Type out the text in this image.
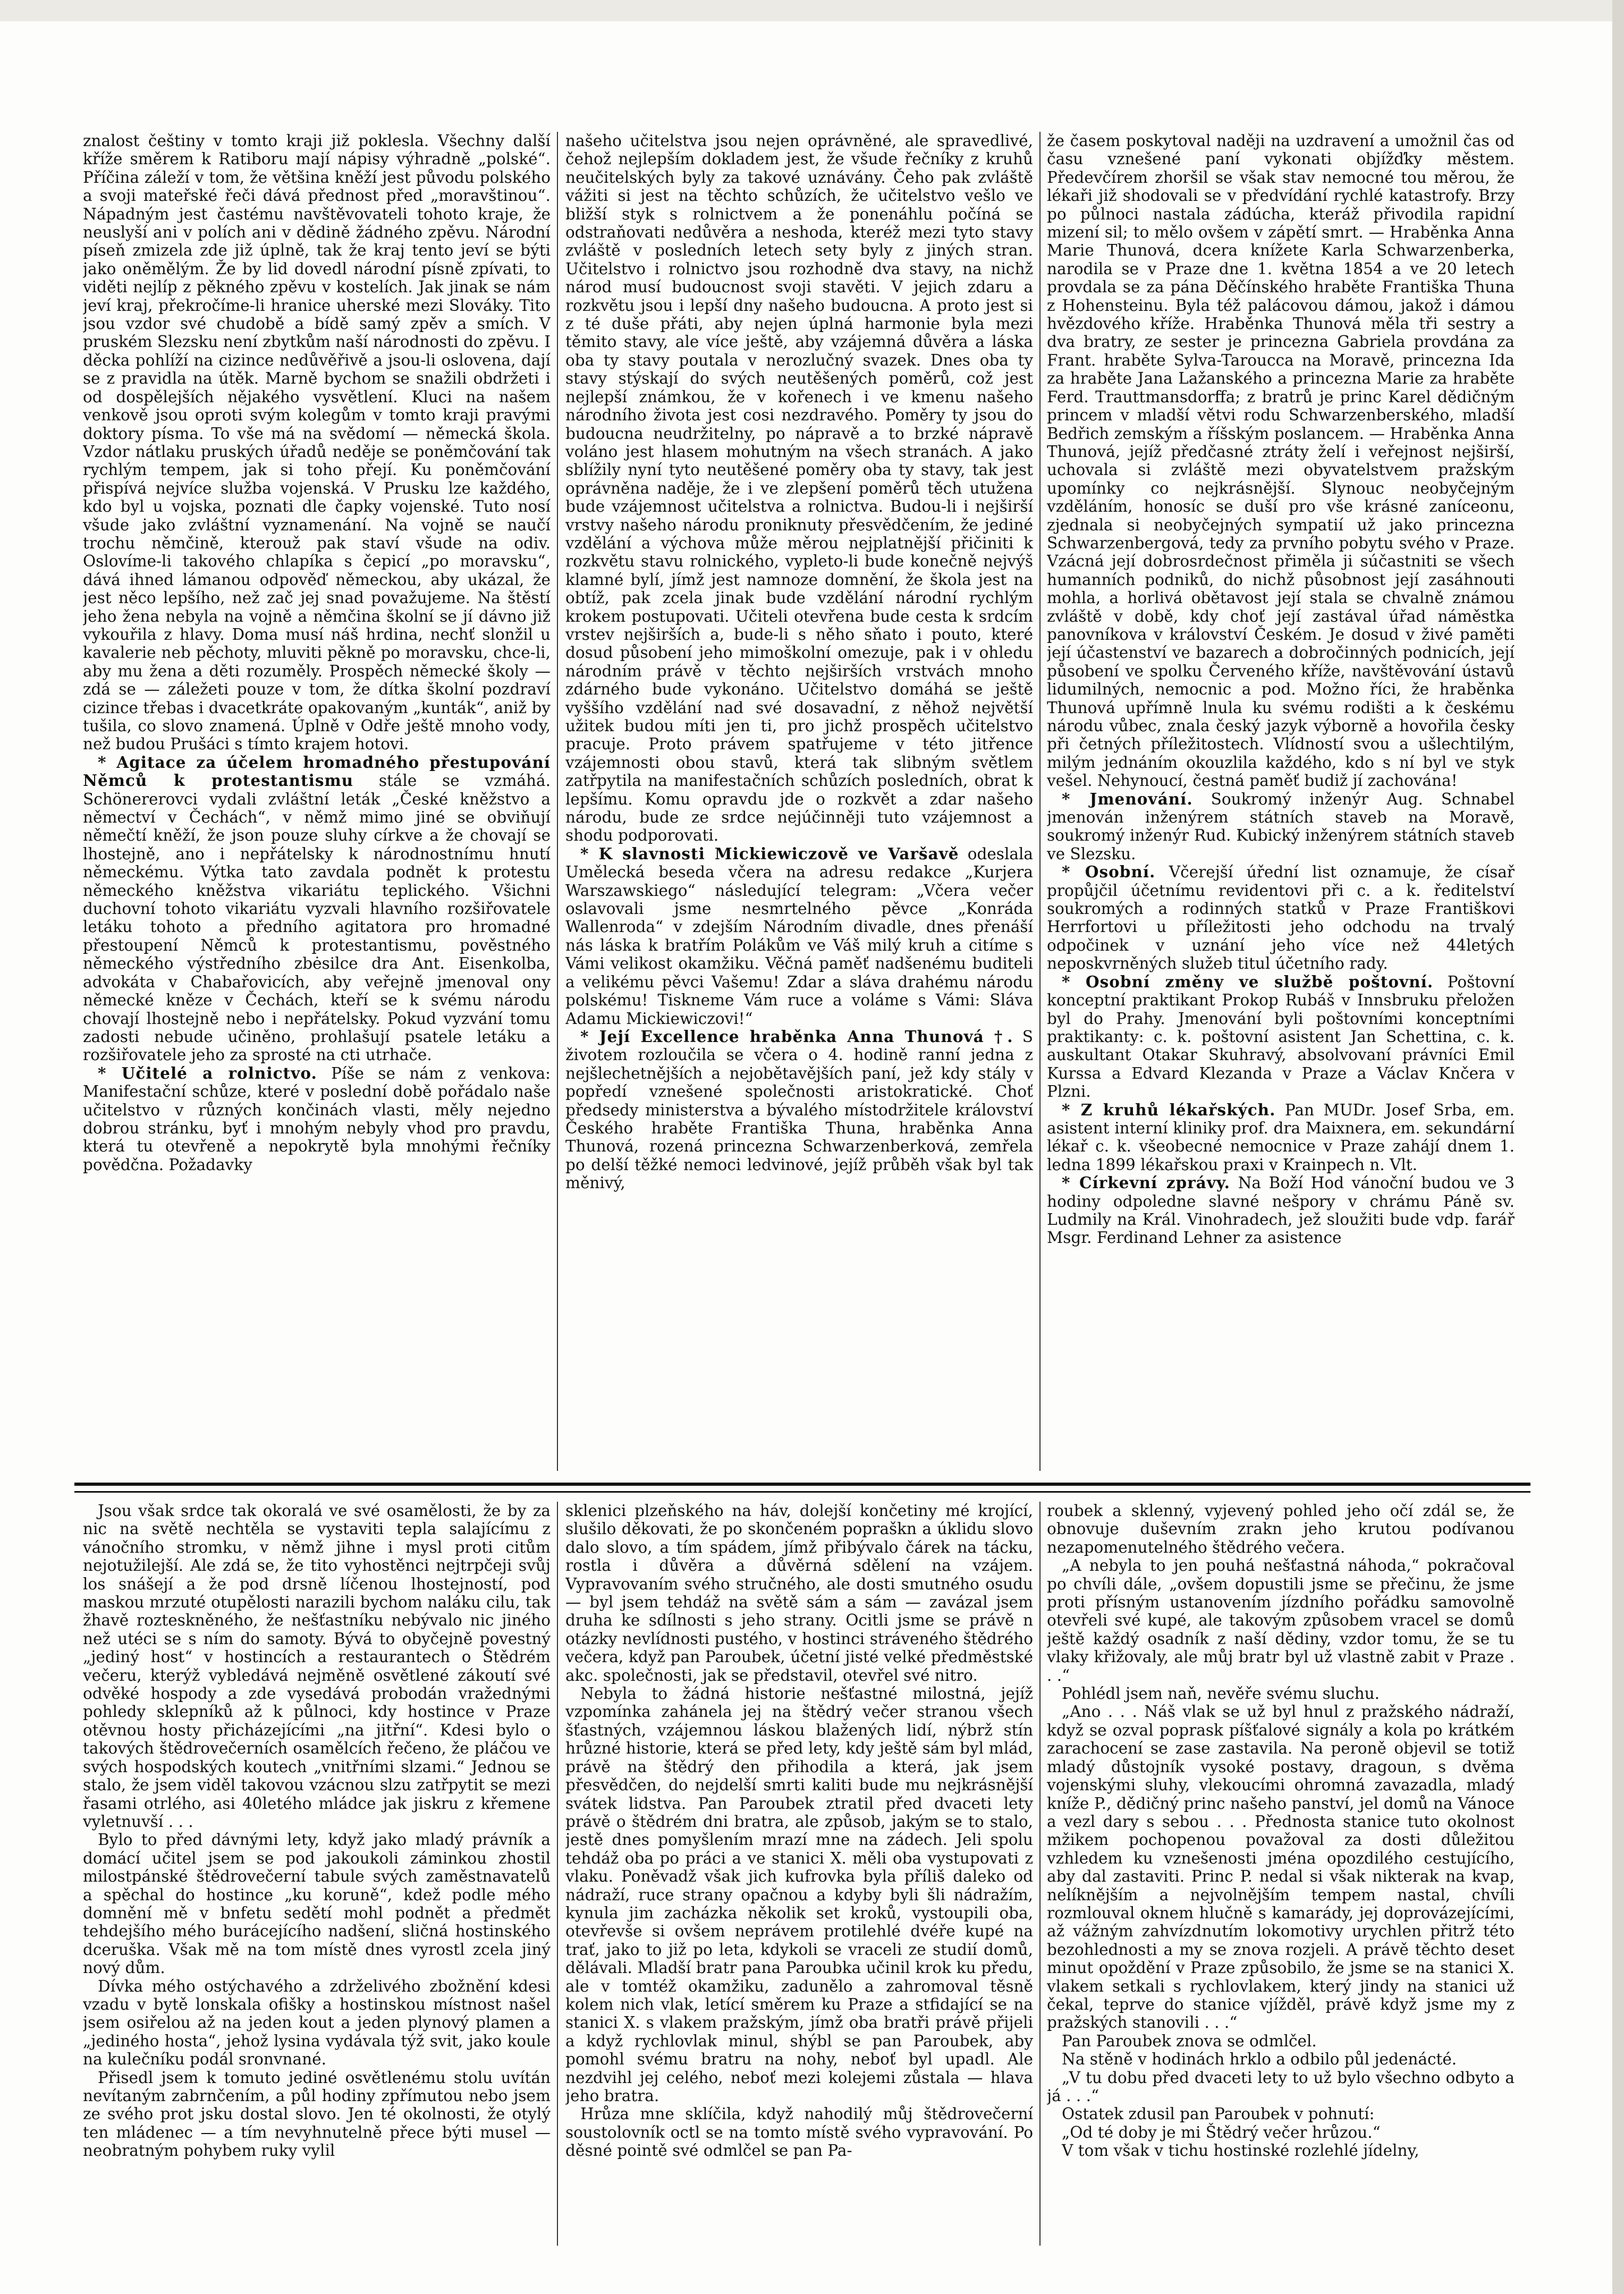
znalost češtiny v tomto kraji již poklesla. Všechny další kříže směrem k Ratiboru mají nápisy výhradně „polské“. Příčina záleží v tom, že většina kněží jest původu polského a svoji mateřské řeči dává přednost před „moravštinou“. Nápadným jest častému navštěvovateli tohoto kraje, že neuslyší ani v polích ani v dědině žádného zpěvu. Národní píseň zmizela zde již úplně, tak že kraj tento jeví se býti jako oněmělým. Že by lid dovedl národní písně zpívati, to viděti nejlíp z pěkného zpěvu v kostelích. Jak jinak se nám jeví kraj, překročíme-li hranice uherské mezi Slováky. Tito jsou vzdor své chudobě a bídě samý zpěv a smích. V pruském Slezsku není zbytkům naší národnosti do zpěvu. I děcka pohlíží na cizince nedůvěřivě a jsou-li oslovena, dají se z pravidla na útěk. Marně bychom se snažili obdržeti i od dospělejších nějakého vysvětlení. Kluci na našem venkově jsou oproti svým kolegům v tomto kraji pravými doktory písma. To vše má na svědomí — německá škola. Vzdor nátlaku pruských úřadů nedějе se poněmčování tak rychlým tempem, jak si toho přejí. Ku poněmčování přispívá nejvíce služba vojenská. V Prusku lze každého, kdo byl u vojska, poznati dle čapky vojenské. Tuto nosí všude jako zvláštní vyznamenání. Na vojně se naučí trochu němčině, kterouž pak staví všude na odiv. Oslovíme-li takového chlapíka s čepicí „po moravsku“, dává ihned lámanou odpověď německou, aby ukázal, že jest něco lepšího, než zač jej snad považujeme. Na štěstí jeho žena nebyla na vojně a němčina školní se jí dávno již vykouřila z hlavy. Doma musí náš hrdina, nechť slonžil u kavalerie neb pěchoty, mluviti pěkně po moravsku, chce-li, aby mu žena a děti rozuměly. Prospěch německé školy — zdá se — záležeti pouze v tom, že dítka školní pozdraví cizince třebas i dvacetkráte opakovaným „kunták“, aniž by tušila, co slovo znamená. Úplně v Odře ještě mnoho vody, než budou Prušáci s tímto krajem hotovi.

* Agitace za účelem hromadného přestupování Němců k protestantismu stále se vzmáhá. Schönererovci vydali zvláštní leták „České kněžstvo a němectví v Čechách“, v němž mimo jiné se obviňují němečtí kněží, že json pouze sluhy církve a že chovají se lhostejně, ano i nepřátelsky k národnostnímu hnutí německému. Výtka tato zavdala podnět k protestu německého kněžstva vikariátu teplického. Všichni duchovní tohoto vikariátu vyzvali hlavního rozšiřovatele letáku tohoto a předního agitatora pro hromadné přestoupení Němců k protestantismu, pověstného německého výstředního zbėsilce dra Ant. Eisenkolba, advokáta v Chabařovicích, aby veřejně jmenoval ony německé kněze v Čechách, kteří se k svému národu chovají lhostejně nebo i nepřátelsky. Pokud vyzvání tomu zadosti nebude učiněno, prohlašují psatele letáku a rozšiřovatele jeho za sprosté na cti utrhače.

* Učitelé a rolnictvo. Píše se nám z venkova: Manifestační schůze, které v poslední době pořádalo naše učitelstvo v různých končinách vlasti, měly nejedno dobrou stránku, byť i mnohým nebyly vhod pro pravdu, která tu otevřeně a nepokrytě byla mnohými řečníky povědčna. Požadavky

našeho učitelstva jsou nejen oprávněné, ale spravedlivé, čehož nejlepším dokladem jest, že všude řečníky z kruhů neučitelských byly za takové uznávány. Čeho pak zvláště vážiti si jest na těchto schůzích, že učitelstvo vešlo ve bližší styk s rolnictvem a že ponenáhlu počíná se odstraňovati nedůvěra a neshoda, kteréž mezi tyto stavy zvláště v posledních letech sety byly z jiných stran. Učitelstvo i rolnictvo jsou rozhodně dva stavy, na nichž národ musí budoucnost svoji stavěti. V jejich zdaru a rozkvětu jsou i lepší dny našeho budoucna. A proto jest si z té duše přáti, aby nejen úplná harmonie byla mezi těmito stavy, ale více ještě, aby vzájemná důvěra a láska oba ty stavy poutala v nerozlučný svazek. Dnes oba ty stavy stýskají do svých neutěšených poměrů, což jest nejlepší známkou, že v kořenech i ve kmenu našeho národního života jest cosi nezdravého. Poměry ty jsou do budoucna neudržitelny, po nápravě a to brzké nápravě voláno jest hlasem mohutným na všech stranách. A jako sblížily nyní tyto neutěšené poměry oba ty stavy, tak jest oprávněna naděje, že i ve zlepšení poměrů těch utužena bude vzájemnost učitelstva a rolnictva. Budou-li i nejširší vrstvy našeho národu proniknuty přesvědčením, že jediné vzdělání a výchova může měrou nejplatnější přičiniti k rozkvětu stavu rolnického, vypleto-li bude konečně nejvýš klamné bylí, jímž jest namnoze domnění, že škola jest na obtíž, pak zcela jinak bude vzdělání národní rychlým krokem postupovati. Učiteli otevřena bude cesta k srdcím vrstev nejširších a, bude-li s něho sňato i pouto, které dosud působení jeho mimoškolní omezuje, pak i v ohledu národním právě v těchto nejširších vrstvách mnoho zdárného bude vykonáno. Učitelstvo domáhá se ještě vyššího vzdělání nad své dosavadní, z něhož největší užitek budou míti jen ti, pro jichž prospěch učitelstvo pracuje. Proto právem spatřujeme v této jitřence vzájemnosti obou stavů, která tak slibným světlem zatřpytila na manifestačních schůzích posledních, obrat k lepšímu. Komu opravdu jde o rozkvět a zdar našeho národu, bude ze srdce nejúčinněji tuto vzájemnost a shodu podporovati.

* K slavnosti Mickiewiczově ve Varšavě odeslala Umělecká beseda včera na adresu redakce „Kurjera Warszawskiego“ následující telegram: „Včera večer oslavovali jsme nesmrtelného pěvce „Konráda Wallenroda“ v zdejším Národním divadle, dnes přenáší nás láska k bratřím Polákům ve Váš milý kruh a citíme s Vámi velikost okamžiku. Věčná paměť nadšenému buditeli a velikému pěvci Vašemu! Zdar a sláva drahému národu polskému! Tiskneme Vám ruce a voláme s Vámi: Sláva Adamu Mickiewiczovi!“

* Její Excellence hraběnka Anna Thunová †. S životem rozloučila se včera o 4. hodině ranní jedna z nejšlechetnějších a nejobětavějších paní, jež kdy stály v popředí vznešené společnosti aristokratické. Choť předsedy ministerstva a bývalého místodržitele království Českého hraběte Františka Thuna, hraběnka Anna Thunová, rozená princezna Schwarzenberková, zemřela po delší těžké nemoci ledvinové, jejíž průběh však byl tak měnivý,

že časem poskytoval naději na uzdravení a umožnil čas od času vznešené paní vykonati objížďky městem. Předevčírem zhoršil se však stav nemocné tou měrou, že lékaři již shodovali se v předvídání rychlé katastrofy. Brzy po půlnoci nastala zádúcha, kteráž přivodila rapidní mizení sil; to mělo ovšem v zápětí smrt. — Hraběnka Anna Marie Thunová, dcera knížete Karla Schwarzenberka, narodila se v Praze dne 1. května 1854 a ve 20 letech provdala se za pána Děčínského hraběte Františka Thuna z Hohensteinu. Byla též palácovou dámou, jakož i dámou hvězdového kříže. Hraběnka Thunová měla tři sestry a dva bratry, ze sester je princezna Gabriela provdána za Frant. hraběte Sylva-Taroucca na Moravě, princezna Ida za hraběte Jana Lažanského a princezna Marie za hraběte Ferd. Trauttmansdorffa; z bratrů je princ Karel dědičným princem v mladší větvi rodu Schwarzenberského, mladší Bedřich zemským a říšským poslancem. — Hraběnka Anna Thunová, jejíž předčasné ztráty želí i veřejnost nejširší, uchovala si zvláště mezi obyvatelstvem pražským upomínky co nejkrásnější. Slynouc neobyčejným vzděláním, honosíc se duší pro vše krásné zaníceonu, zjednala si neobyčejných sympatií už jako princezna Schwarzenbergová, tedy za prvního pobytu svého v Praze. Vzácná její dobrosrdečnost přiměla ji súčastniti se všech humanních podniků, do nichž působnost její zasáhnouti mohla, a horlivá obětavost její stala se chvalně známou zvláště v době, kdy choť její zastával úřad náměstka panovníkova v království Českém. Je dosud v živé paměti její účastenství ve bazarech a dobročinných podnicích, její působení ve spolku Červeného kříže, navštěvování ústavů lidumilných, nemocnic a pod. Možno říci, že hraběnka Thunová upřímně lnula ku svému rodišti a k českému národu vůbec, znala český jazyk výborně a hovořila česky při četných příležitostech. Vlídností svou a ušlechtilým, milým jednáním okouzlila každého, kdo s ní byl ve styk vešel. Nehynoucí, čestná paměť budiž jí zachována!

* Jmenování. Soukromý inženýr Aug. Schnabel jmenován inženýrem státních staveb na Moravě, soukromý inženýr Rud. Kubický inženýrem státních staveb ve Slezsku.

* Osobní. Včerejší úřední list oznamuje, že císař propůjčil účetnímu revidentovi při c. a k. ředitelství soukromých a rodinných statků v Praze Františkovi Herrfortovi u příležitosti jeho odchodu na trvalý odpočinek v uznání jeho více než 44letých neposkvrněných služeb titul účetního rady.

* Osobní změny ve službě poštovní. Poštovní konceptní praktikant Prokop Rubáš v Innsbruku přeložen byl do Prahy. Jmenování byli poštovními konceptními praktikanty: c. k. poštovní asistent Jan Schettina, c. k. auskultant Otakar Skuhravý, absolvovaní právníci Emil Kurssa a Edvard Klezanda v Praze a Václav Knčera v Plzni.

* Z kruhů lékařských. Pan MUDr. Josef Srba, em. asistent interní kliniky prof. dra Maixnera, em. sekundární lékař c. k. všeobecné nemocnice v Praze zahájí dnem 1. ledna 1899 lékařskou praxi v Krainpech n. Vlt.

* Církevní zprávy. Na Boží Hod vánoční budou ve 3 hodiny odpoledne slavné nešpory v chrámu Páně sv. Ludmily na Král. Vinohradech, jež sloužiti bude vdp. farář Msgr. Ferdinand Lehner za asistence

Jsou však srdce tak okoralá ve své osamělosti, že by za nic na světě nechtěla se vystaviti tepla salajícímu z vánočního stromku, v němž jihne i mysl proti citům nejotužilejší. Ale zdá se, že tito vyhostěnci nejtrpčeji svůj los snášejí a že pod drsně líčenou lhostejností, pod maskou mrzuté otupělosti narazili bychom naláku cilu, tak žhavě rozteskněného, že nešťastníku nebývalo nic jiného než utéci se s ním do samoty. Bývá to obyčejně povestný „jediný host“ v hostincích a restaurantech o Štědrém večeru, kterýž vybledává nejměně osvětlené zákoutí své odvěké hospody a zde vysedává probodán vražednými pohledy sklepníků až k půlnoci, kdy hostince v Praze otěvnou hosty přicházejícími „na jitřní“. Kdesi bylo o takových štědrovečerních osamělcích řečeno, že pláčou ve svých hospodských koutech „vnitřními slzami.“ Jednou se stalo, že jsem viděl takovou vzácnou slzu zatřpytit se mezi řasami otrlého, asi 40letého mládce jak jiskru z křemene vyletnuvší . . .

Bylo to před dávnými lety, když jako mladý právník a domácí učitel jsem se pod jakoukoli záminkou zhostil milostpánské štědrovečerní tabule svých zaměstnavatelů a spěchal do hostince „ku koruně“, kdež podle mého domnění mě v bnfetu sedětí mohl podnět a předmět tehdejšího mého burácejícího nadšení, sličná hostinského dceruška. Však mě na tom místě dnes vyrostl zcela jiný nový dům.

Dívka mého ostýchavého a zdrželivého zbožnění kdesi vzadu v bytě lonskala ofišky a hostinskou místnost našel jsem osiřelou až na jeden kout a jeden plynový plamen a „jediného hosta“, jehož lysina vydávala týž svit, jako koule na kulečníku podál sronvnané.

Přisedl jsem k tomuto jediné osvětlenému stolu uvítán nevítaným zabrnčením, a půl hodiny zpřímutou nebo jsem ze svého prot jsku dostal slovo. Jen té okolnosti, že otylý ten mládenec — a tím nevyhnutelně přece býti musel — neobratným pohybem ruky vylil

sklenici plzeňského na háv, dolejší končetiny mé krojící, slušilo děkovati, že po skončeném popraškn a úklidu slovo dalo slovo, a tím spádem, jímž přibývalo čárek na tácku, rostla i důvěra a důvěrná sdělení na vzájem. Vypravovaním svého stručného, ale dosti smutného osudu — byl jsem tehdáž na světě sám a sám — zavázal jsem druha ke sdílnosti s jeho strany. Ocitli jsme se právě n otázky nevlídnosti pustého, v hostinci stráveného štědrého večera, když pan Paroubek, účetní jisté velké předměstské akc. společnosti, jak se představil, otevřel své nitro.

Nebyla to žádná historie nešťastné milostná, jejíž vzpomínka zahánela jej na štědrý večer stranou všech šťastných, vzájemnou láskou blažených lidí, nýbrž stín hrůzné historie, která se před lety, kdy ještě sám byl mlád, právě na štědrý den přihodila a která, jak jsem přesvědčen, do nejdelší smrti kaliti bude mu nejkrásnější svátek lidstva. Pan Paroubek ztratil před dvaceti lety právě o štědrém dni bratra, ale způsob, jakým se to stalo, jestě dnes pomyšlením mrazí mne na zádech. Jeli spolu tehdáž oba po práci a ve stanici X. měli oba vystupovati z vlaku. Poněvadž však jich kufrovka byla příliš daleko od nádraží, ruce strany opačnou a kdyby byli šli nádražím, kynula jim zacházka několik set kroků, vystoupili oba, otevřevše si ovšem neprávem protilehlé dvéře kupé na trať, jako to již po leta, kdykoli se vraceli ze studií domů, dělávali. Mladší bratr pana Paroubka učinil krok ku předu, ale v tomtéž okamžiku, zadunělo a zahromoval těsně kolem nich vlak, letící směrem ku Praze a stfidající se na stanici X. s vlakem pražským, jímž oba bratři právě přijeli a když rychlovlak minul, shýbl se pan Paroubek, aby pomohl svému bratru na nohy, neboť byl upadl. Ale nezdvihl jej celého, neboť mezi kolejemi zůstala — hlava jeho bratra.

Hrůza mne sklíčila, když nahodilý můj štědrovečerní soustolovník octl se na tomto místě svého vypravování. Po děsné pointě své odmlčel se pan Pa-

roubek a sklenný, vyjevený pohled jeho očí zdál se, že obnovuje duševním zrakn jeho krutou podívanou nezapomenutelného štědrého večera.

„A nebyla to jen pouhá nešťastná náhoda,“ pokračoval po chvíli dále, „ovšem dopustili jsme se přečinu, že jsme proti přísným ustanovením jízdního pořádku samovolně otevřeli své kupé, ale takovým způsobem vracel se domů ještě každý osadník z naší dědiny, vzdor tomu, že se tu vlaky křižovaly, ale můj bratr byl už vlastně zabit v Praze . . .“

Pohlédl jsem naň, nevěře svému sluchu.

„Ano . . . Náš vlak se už byl hnul z pražského nádraží, když se ozval poprask píšťalové signály a kola po krátkém zarachocení se zase zastavila. Na peroně objevil se totiž mladý důstojník vysoké postavy, dragoun, s dvěma vojenskými sluhy, vlekoucími ohromná zavazadla, mladý kníže P., dědičný princ našeho panství, jel domů na Vánoce a vezl dary s sebou . . . Přednosta stanice tuto okolnost mžikem pochopenou považoval za dosti důležitou vzhledem ku vznešenosti jména opozdilého cestujícího, aby dal zastaviti. Princ P. nedal si však nikterak na kvap, nelíknějším a nejvolnějším tempem nastal, chvíli rozmlouval oknem hlučně s kamarády, jej doprovázejícími, až vážným zahvízdnutím lokomotivy urychlen přitrž této bezohlednosti a my se znova rozjeli. A právě těchto deset minut opoždění v Praze způsobilo, že jsme se na stanici X. vlakem setkali s rychlovlakem, který jindy na stanici už čekal, teprve do stanice vjížděl, právě když jsme my z pražských stanovili . . .“

Pan Paroubek znova se odmlčel.

Na stěně v hodinách hrklo a odbilo půl jedenácté.

„V tu dobu před dvaceti lety to už bylo všechno odbyto a já . . .“

Ostatek zdusil pan Paroubek v pohnutí:

„Od té doby je mi Štědrý večer hrůzou.“

V tom však v tichu hostinské rozlehlé jídelny,
